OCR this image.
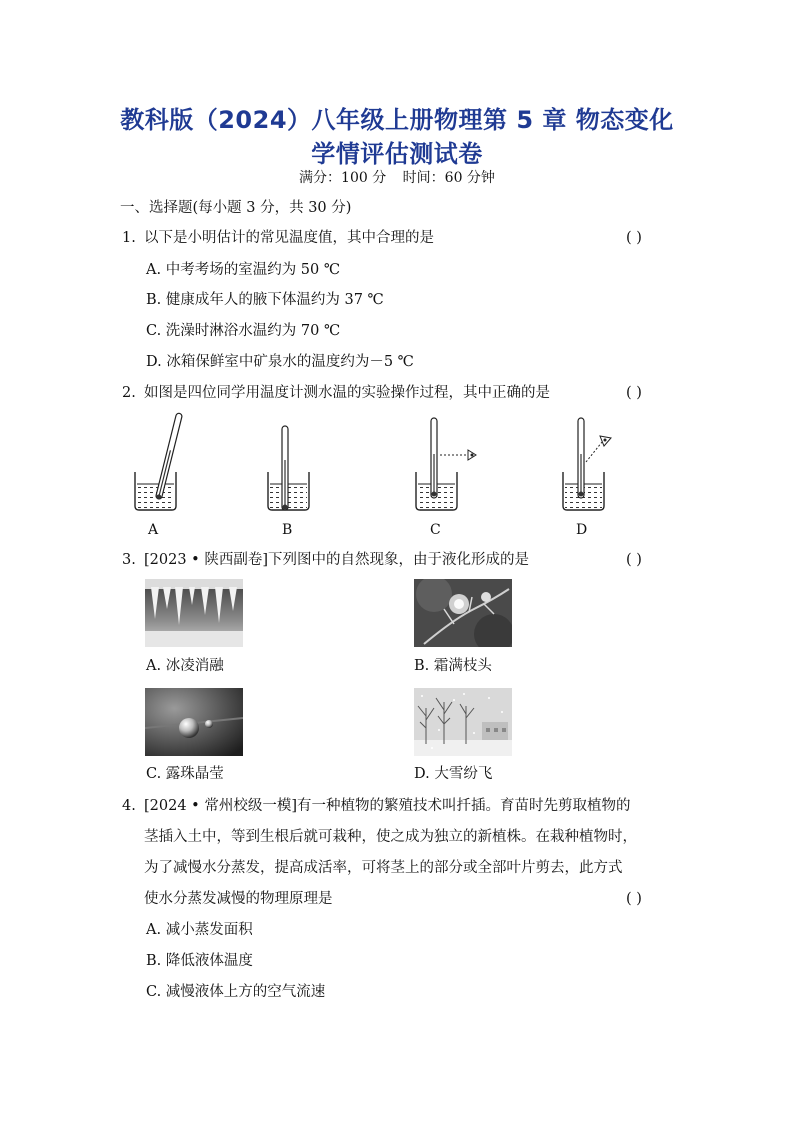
教科版（2024）八年级上册物理第 5 章 物态变化
学情评估测试卷
满分：100 分 时间：60 分钟
一、选择题(每小题 3 分，共 30 分)
1. 以下是小明估计的常见温度值，其中合理的是	( )
A. 中考考场的室温约为 50 ℃
B. 健康成年人的腋下体温约为 37 ℃
C. 洗澡时淋浴水温约为 70 ℃
D. 冰箱保鲜室中矿泉水的温度约为－5 ℃
2. 如图是四位同学用温度计测水温的实验操作过程，其中正确的是	( )
A	B	C	D
3. [2023 • 陕西副卷]下列图中的自然现象，由于液化形成的是	( )
A. 冰凌消融	B. 霜满枝头
C. 露珠晶莹	D. 大雪纷飞
4. [2024 • 常州校级一模]有一种植物的繁殖技术叫扦插。育苗时先剪取植物的
茎插入土中，等到生根后就可栽种，使之成为独立的新植株。在栽种植物时，
为了减慢水分蒸发，提高成活率，可将茎上的部分或全部叶片剪去，此方式
使水分蒸发减慢的物理原理是	( )
A. 减小蒸发面积
B. 降低液体温度
C. 减慢液体上方的空气流速
